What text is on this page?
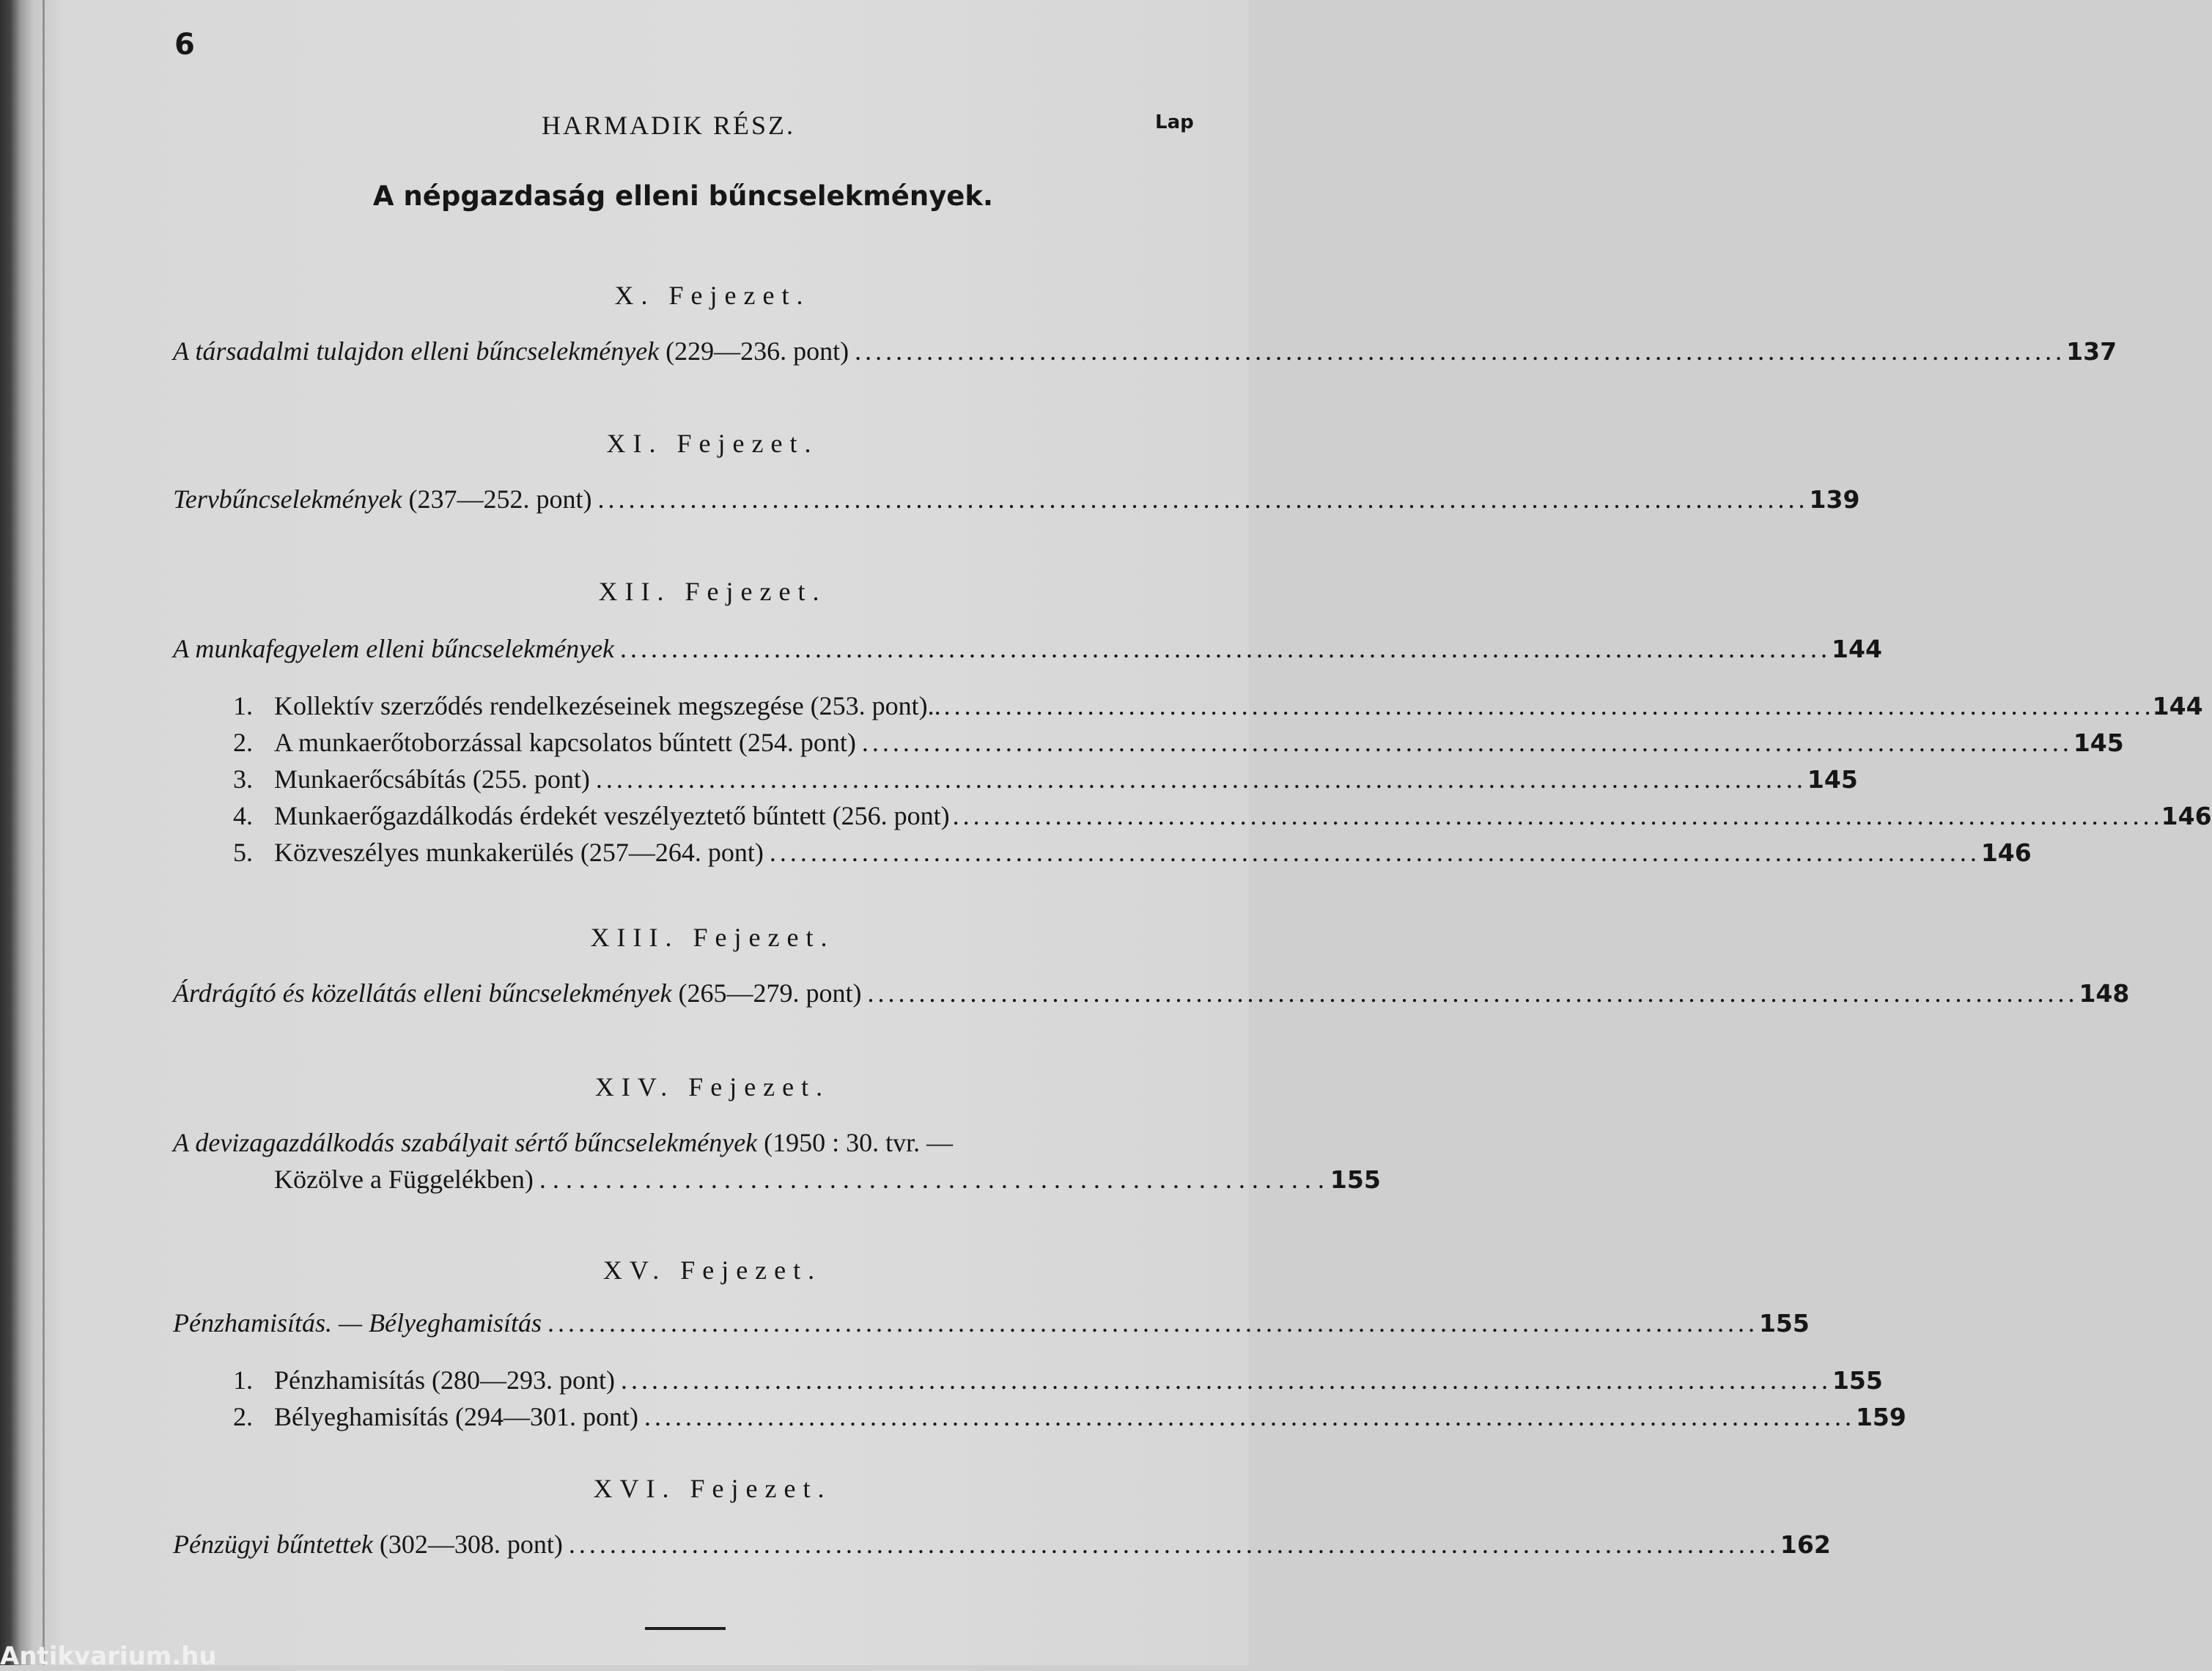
6
HARMADIK RÉSZ.	Lap
A népgazdaság elleni bűncselekmények.
X. Fejezet.
A társadalmi tulajdon elleni bűncselekmények (229—236. pont) . . .	137
XI. Fejezet.
Tervbűncselekmények (237—252. pont) . . .	139
XII. Fejezet.
A munkafegyelem elleni bűncselekmények . . .	144
1. Kollektív szerződés rendelkezéseinek megszegése (253. pont).. . . .	144
2. A munkaerőtoborzással kapcsolatos bűntett (254. pont) . . .	145
3. Munkaerőcsábítás (255. pont) . . .	145
4. Munkaerőgazdálkodás érdekét veszélyeztető bűntett (256. pont) . . .	146
5. Közveszélyes munkakerülés (257—264. pont) . . .	146
XIII. Fejezet.
Árdrágító és közellátás elleni bűncselekmények (265—279. pont) . . .	148
XIV. Fejezet.
A devizagazdálkodás szabályait sértő bűncselekmények (1950 : 30. tvr. —
Közölve a Függelékben) . . . . . . . . . . . . . . . . . . . . . . . . . . . . . . . . . . . . . . . . . . . . . . . . . . . . . . . . . . . . 155
XV. Fejezet.
Pénzhamisítás. — Bélyeghamisítás . . .	155
1. Pénzhamisítás (280—293. pont) . . .	155
2. Bélyeghamisítás (294—301. pont) . . .	159
XVI. Fejezet.
Pénzügyi bűntettek (302—308. pont) . . .	162
Antikvarium.hu
